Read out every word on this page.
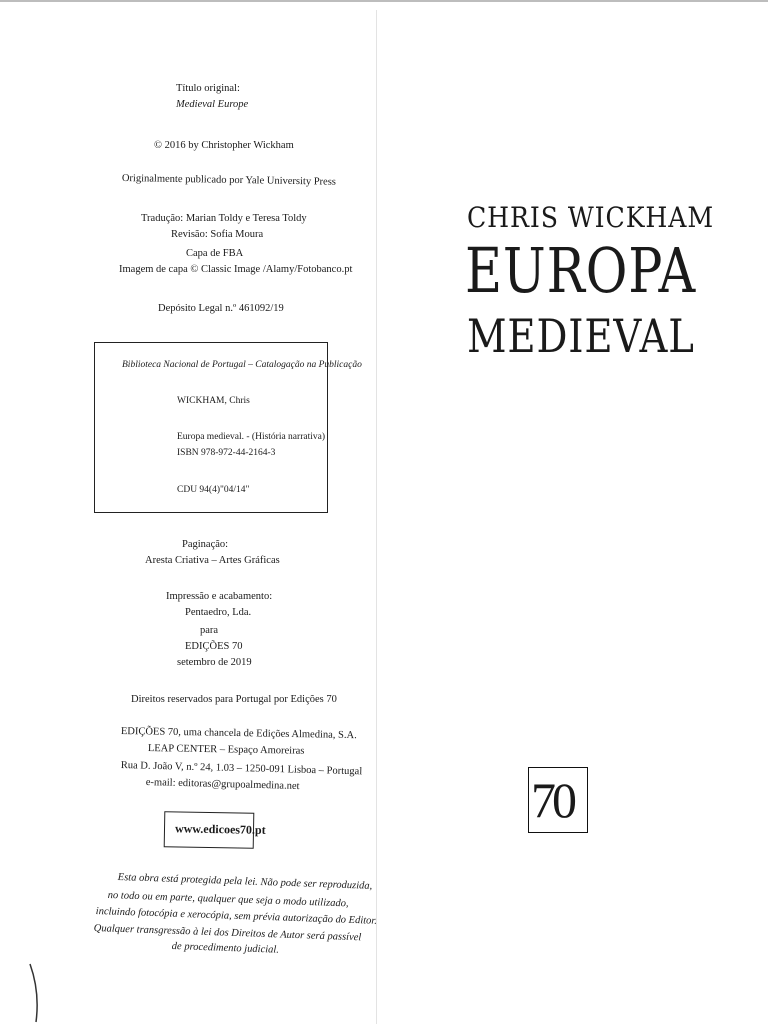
Título original:
Medieval Europe
© 2016 by Christopher Wickham
Originalmente publicado por Yale University Press
Tradução: Marian Toldy e Teresa Toldy
Revisão: Sofia Moura
Capa de FBA
Imagem de capa © Classic Image /Alamy/Fotobanco.pt
Depósito Legal n.º 461092/19
Biblioteca Nacional de Portugal – Catalogação na Publicação
WICKHAM, Chris
Europa medieval. - (História narrativa)
ISBN 978-972-44-2164-3
CDU 94(4)"04/14"
Paginação:
Aresta Criativa – Artes Gráficas
Impressão e acabamento:
Pentaedro, Lda.
para
EDIÇÕES 70
setembro de 2019
Direitos reservados para Portugal por Edições 70
EDIÇÕES 70, uma chancela de Edições Almedina, S.A.
LEAP CENTER – Espaço Amoreiras
Rua D. João V, n.º 24, 1.03 – 1250-091 Lisboa – Portugal
e-mail: editoras@grupoalmedina.net
www.edicoes70.pt
Esta obra está protegida pela lei. Não pode ser reproduzida,
no todo ou em parte, qualquer que seja o modo utilizado,
incluindo fotocópia e xerocópia, sem prévia autorização do Editor.
Qualquer transgressão à lei dos Direitos de Autor será passível
de procedimento judicial.
CHRIS WICKHAM
EUROPA
MEDIEVAL
70
